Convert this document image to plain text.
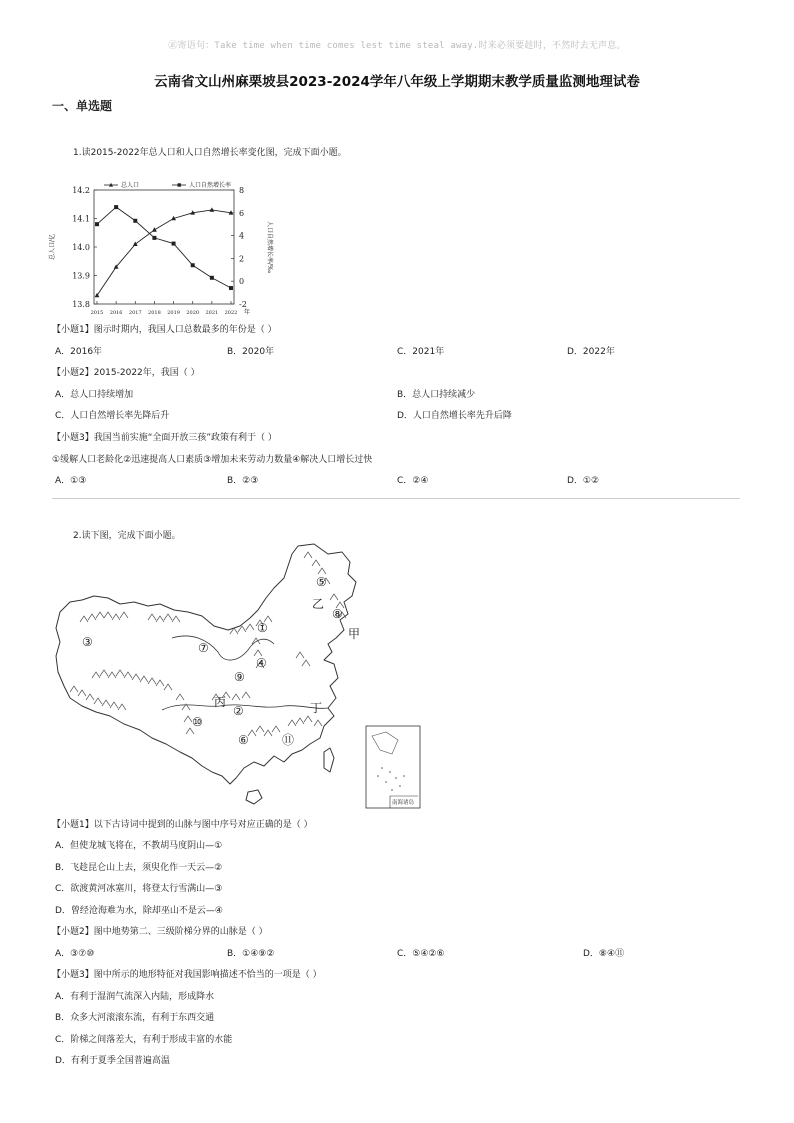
㊣寄语句：Take time when time comes lest time steal away.时来必须要趁时，不然时去无声息。
云南省文山州麻栗坡县2023-2024学年八年级上学期期末教学质量监测地理试卷
一、单选题
1.读2015-2022年总人口和人口自然增长率变化图，完成下面小题。
13.8
13.9
14.0
14.1
14.2
-2
0
2
4
6
8
2015 2016 2017 2018 2019 2020 2021 2022 年
总人口/亿	人口自然增长率/‰
总人口	人口自然增长率
【小题1】图示时期内，我国人口总数最多的年份是（ ）
A．2016年	B．2020年	C．2021年	D．2022年
【小题2】2015-2022年，我国（ ）
A．总人口持续增加	B．总人口持续减少
C．人口自然增长率先降后升	D．人口自然增长率先升后降
【小题3】我国当前实施“全面开放三孩”政策有利于（ ）
①缓解人口老龄化②迅速提高人口素质③增加未来劳动力数量④解决人口增长过快
A．①③	B．②③	C．②④	D．①②
2.读下图，完成下面小题。
①
②
③
④
⑤
⑥
⑦
⑧
⑨
⑩
⑪
甲
乙
丙	丁
南海诸岛
【小题1】以下古诗词中提到的山脉与图中序号对应正确的是（ ）
A．但使龙城飞将在，不教胡马度阴山—①
B．飞趁昆仑山上去，须臾化作一天云—②
C．欲渡黄河冰塞川，将登太行雪满山—③
D．曾经沧海难为水，除却巫山不是云—④
【小题2】图中地势第二、三级阶梯分界的山脉是（ ）
A．③⑦⑩	B．①④⑨②	C．⑤④②⑥	D．⑧④⑪
【小题3】图中所示的地形特征对我国影响描述不恰当的一项是（ ）
A．有利于湿润气流深入内陆，形成降水
B．众多大河滚滚东流，有利于东西交通
C．阶梯之间落差大，有利于形成丰富的水能
D．有利于夏季全国普遍高温
